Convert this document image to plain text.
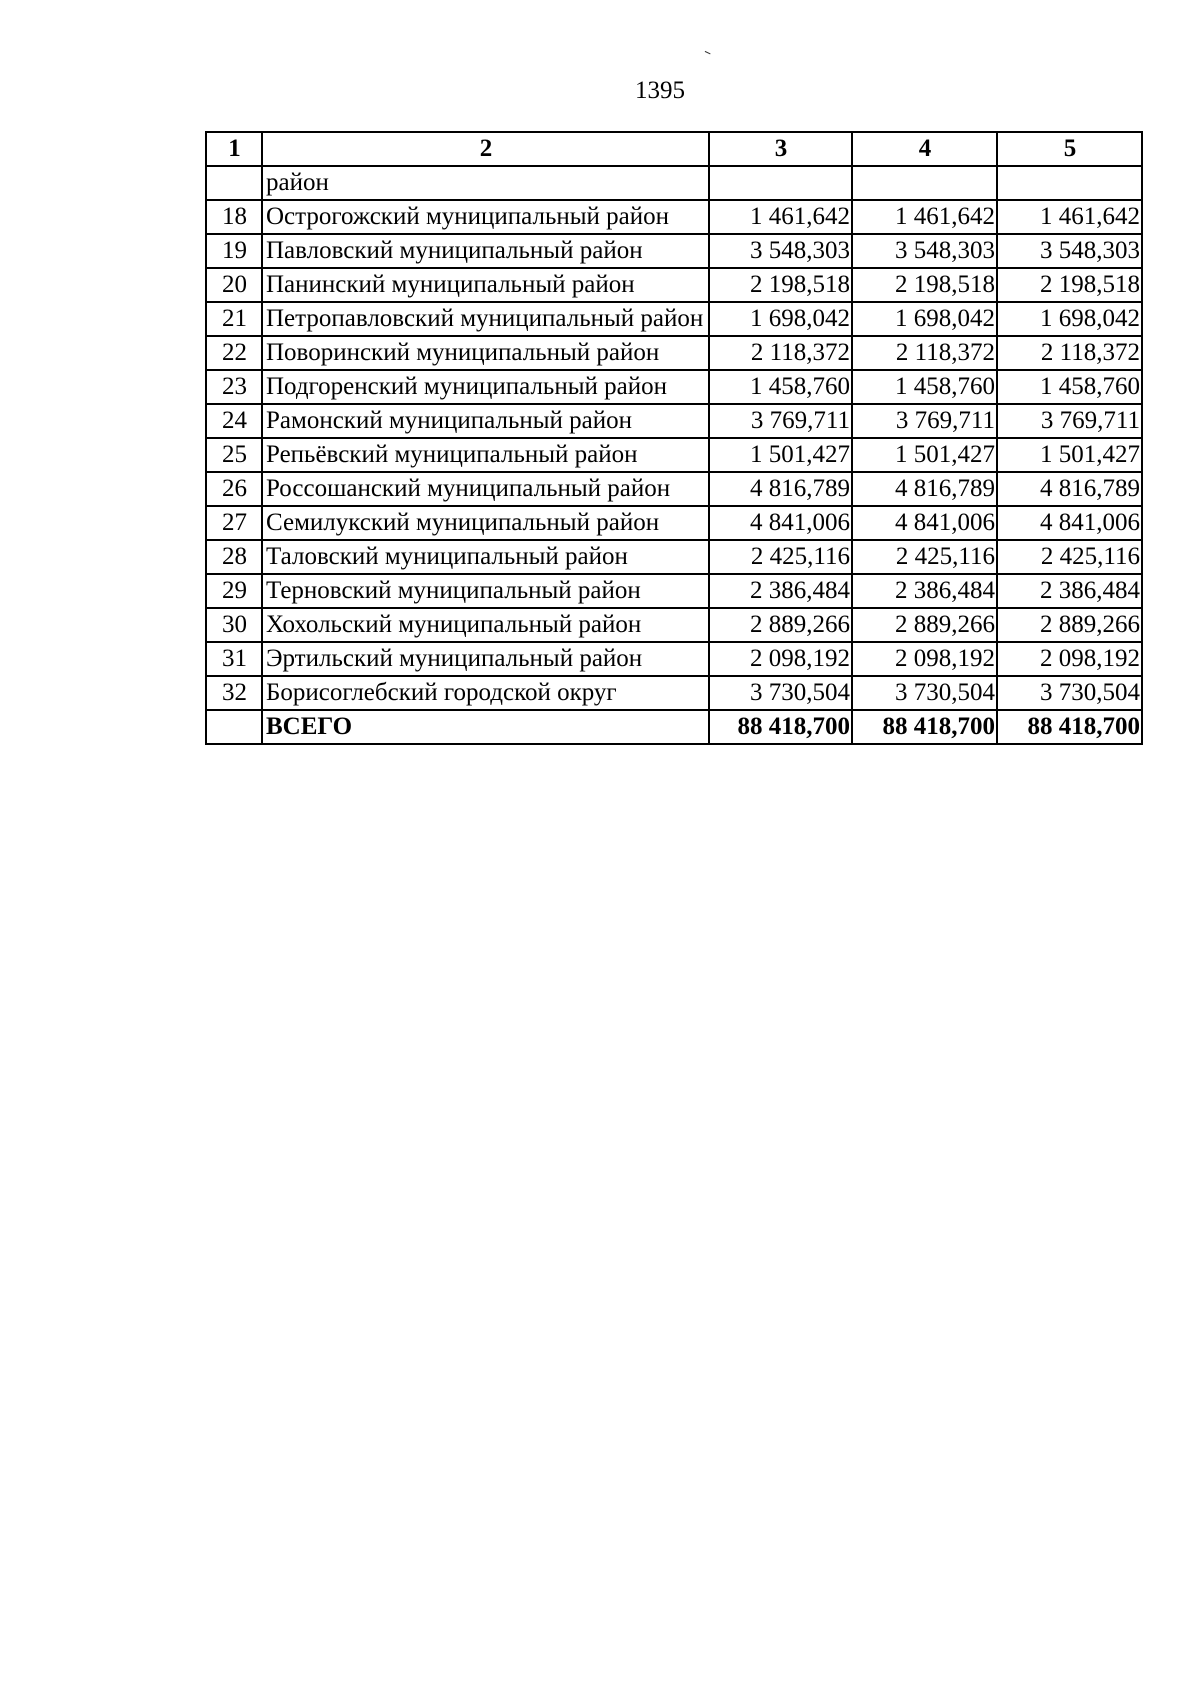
1395
1	2	3	4	5
	район			
18	Острогожский муниципальный район	1 461,642	1 461,642	1 461,642
19	Павловский муниципальный район	3 548,303	3 548,303	3 548,303
20	Панинский муниципальный район	2 198,518	2 198,518	2 198,518
21	Петропавловский муниципальный район	1 698,042	1 698,042	1 698,042
22	Поворинский муниципальный район	2 118,372	2 118,372	2 118,372
23	Подгоренский муниципальный район	1 458,760	1 458,760	1 458,760
24	Рамонский муниципальный район	3 769,711	3 769,711	3 769,711
25	Репьёвский муниципальный район	1 501,427	1 501,427	1 501,427
26	Россошанский муниципальный район	4 816,789	4 816,789	4 816,789
27	Семилукский муниципальный район	4 841,006	4 841,006	4 841,006
28	Таловский муниципальный район	2 425,116	2 425,116	2 425,116
29	Терновский муниципальный район	2 386,484	2 386,484	2 386,484
30	Хохольский муниципальный район	2 889,266	2 889,266	2 889,266
31	Эртильский муниципальный район	2 098,192	2 098,192	2 098,192
32	Борисоглебский городской округ	3 730,504	3 730,504	3 730,504
	ВСЕГО	88 418,700	88 418,700	88 418,700
